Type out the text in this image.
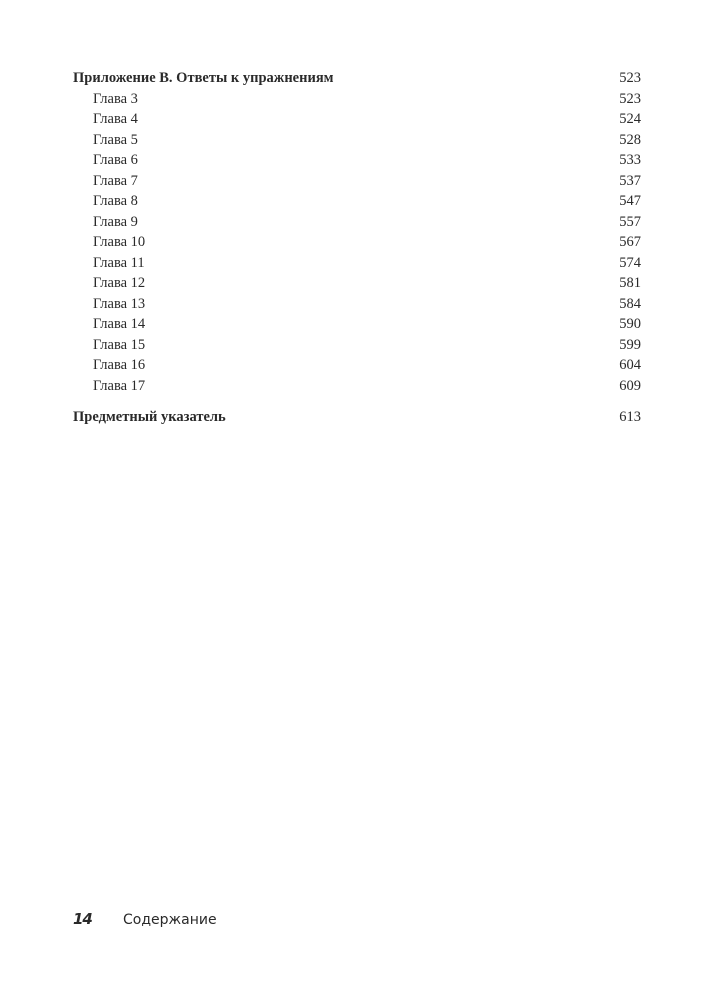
Приложение В. Ответы к упражнениям	523
Глава 3	523
Глава 4	524
Глава 5	528
Глава 6	533
Глава 7	537
Глава 8	547
Глава 9	557
Глава 10	567
Глава 11	574
Глава 12	581
Глава 13	584
Глава 14	590
Глава 15	599
Глава 16	604
Глава 17	609
Предметный указатель	613
14	Содержание
